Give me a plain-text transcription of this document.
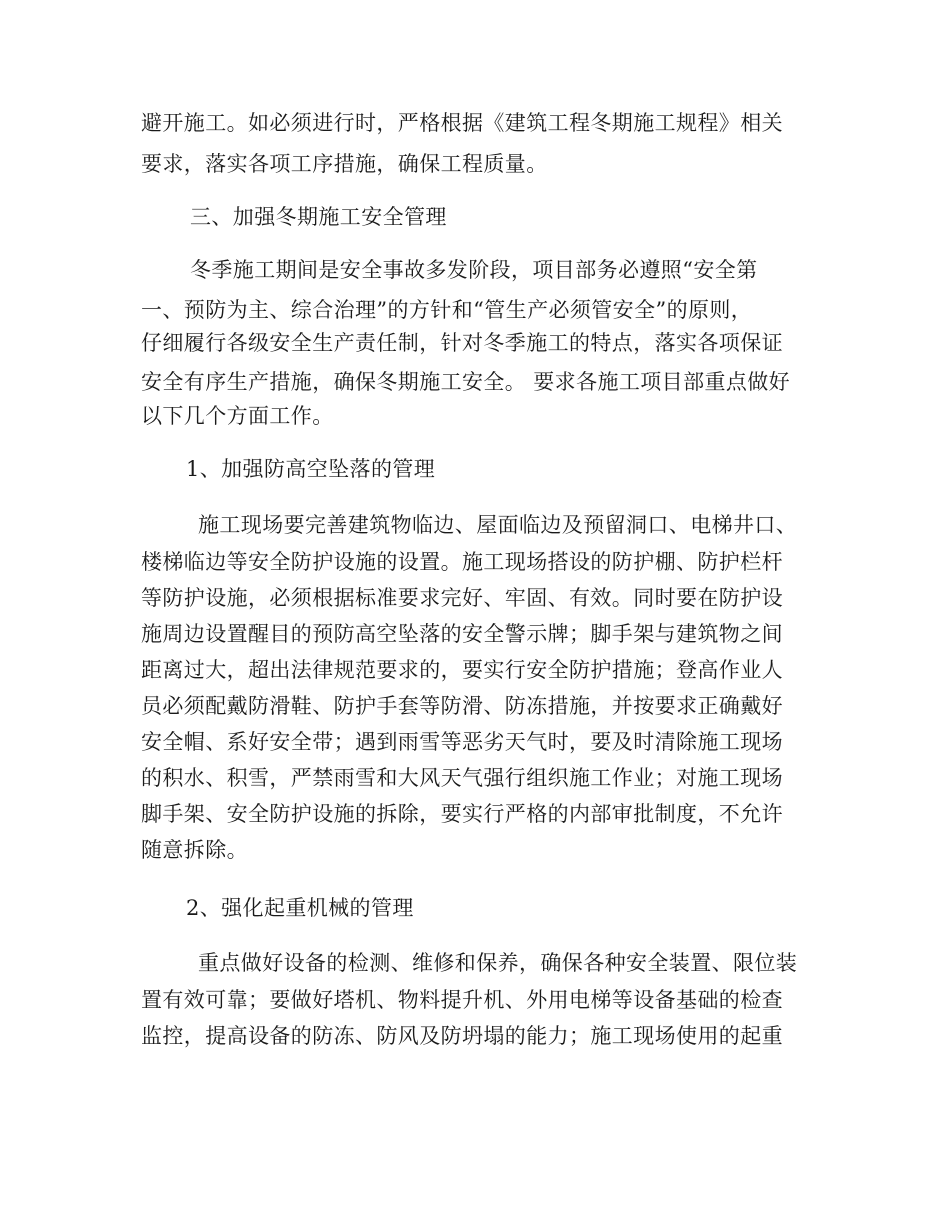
避开施工。如必须进行时，严格根据《建筑工程冬期施工规程》相关
要求，落实各项工序措施，确保工程质量。
三、加强冬期施工安全管理
冬季施工期间是安全事故多发阶段，项目部务必遵照“安全第
一、预防为主、综合治理”的方针和“管生产必须管安全”的原则，
仔细履行各级安全生产责任制，针对冬季施工的特点，落实各项保证
安全有序生产措施，确保冬期施工安全。 要求各施工项目部重点做好
以下几个方面工作。
1、加强防高空坠落的管理
施工现场要完善建筑物临边、屋面临边及预留洞口、电梯井口、
楼梯临边等安全防护设施的设置。施工现场搭设的防护棚、防护栏杆
等防护设施，必须根据标准要求完好、牢固、有效。同时要在防护设
施周边设置醒目的预防高空坠落的安全警示牌；脚手架与建筑物之间
距离过大，超出法律规范要求的，要实行安全防护措施；登高作业人
员必须配戴防滑鞋、防护手套等防滑、防冻措施，并按要求正确戴好
安全帽、系好安全带；遇到雨雪等恶劣天气时，要及时清除施工现场
的积水、积雪，严禁雨雪和大风天气强行组织施工作业；对施工现场
脚手架、安全防护设施的拆除，要实行严格的内部审批制度，不允许
随意拆除。
2、强化起重机械的管理
重点做好设备的检测、维修和保养，确保各种安全装置、限位装
置有效可靠；要做好塔机、物料提升机、外用电梯等设备基础的检查
监控，提高设备的防冻、防风及防坍塌的能力；施工现场使用的起重
